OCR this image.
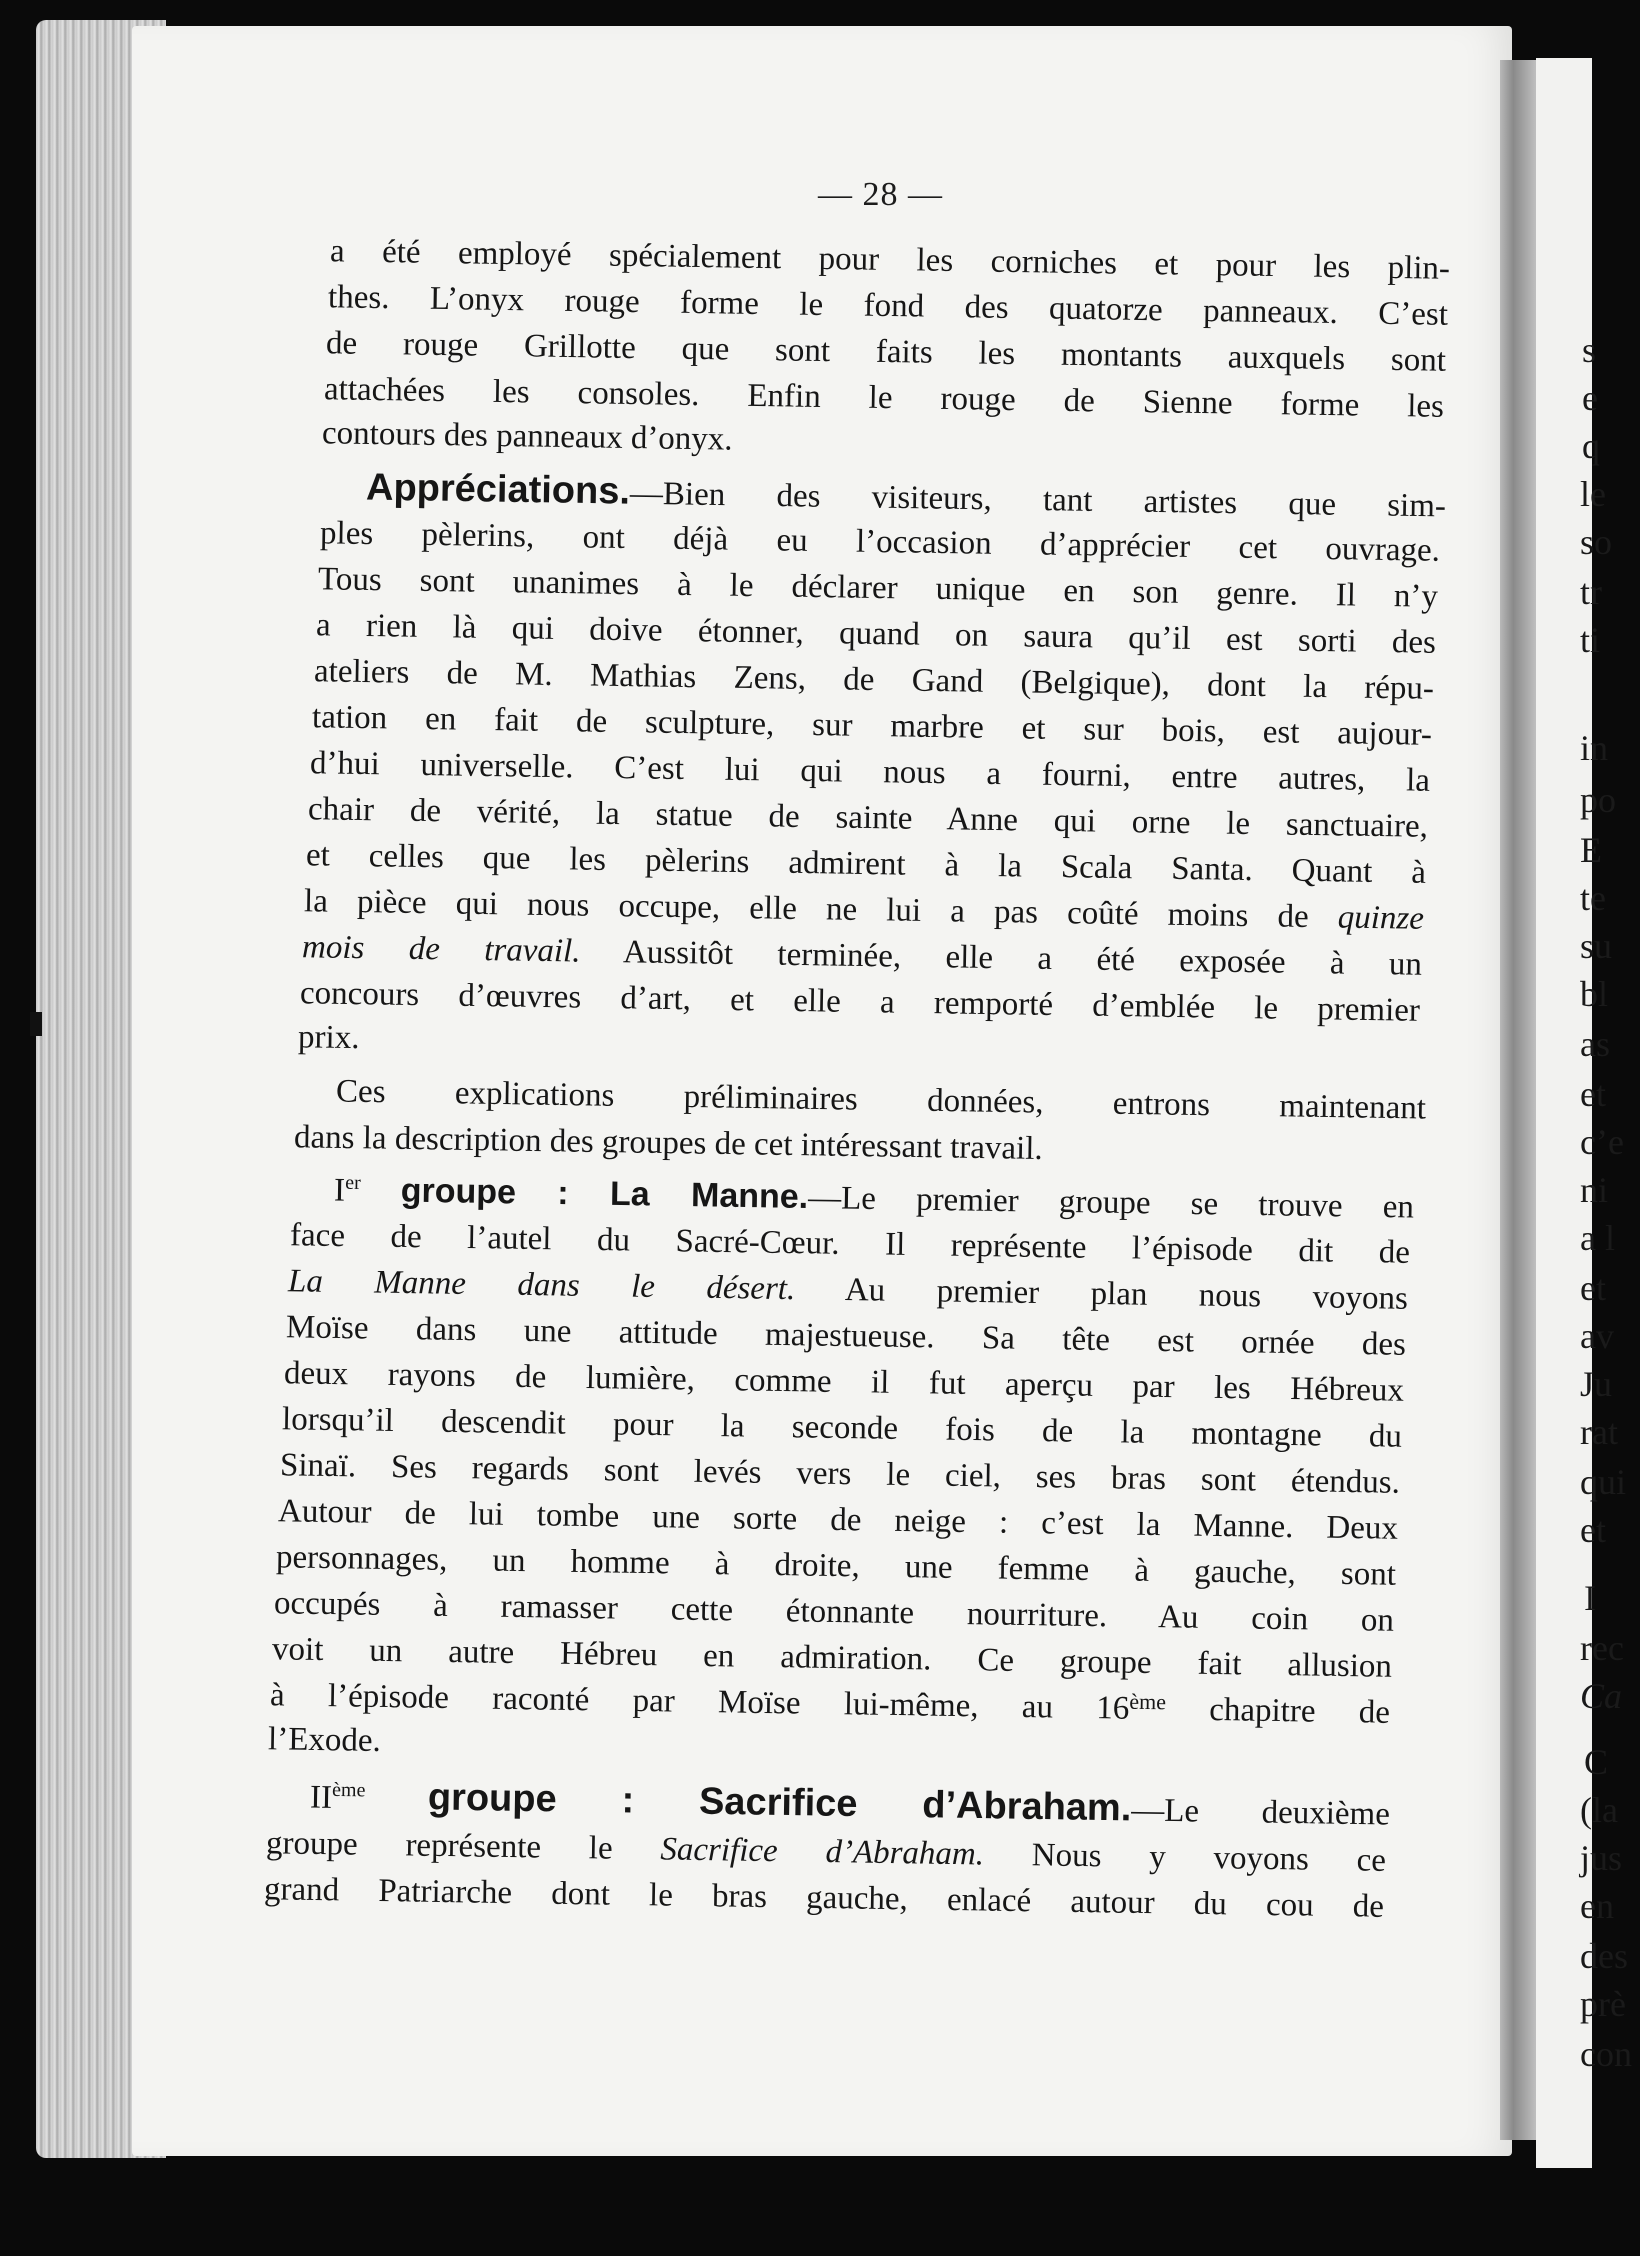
— 28 —
a été employé spécialement pour les corniches et pour les plin-
thes. L’onyx rouge forme le fond des quatorze panneaux. C’est
de rouge Grillotte que sont faits les montants auxquels sont
attachées les consoles. Enfin le rouge de Sienne forme les
contours des panneaux d’onyx.
Appréciations.—Bien des visiteurs, tant artistes que sim-
ples pèlerins, ont déjà eu l’occasion d’apprécier cet ouvrage.
Tous sont unanimes à le déclarer unique en son genre. Il n’y
a rien là qui doive étonner, quand on saura qu’il est sorti des
ateliers de M. Mathias Zens, de Gand (Belgique), dont la répu-
tation en fait de sculpture, sur marbre et sur bois, est aujour-
d’hui universelle. C’est lui qui nous a fourni, entre autres, la
chair de vérité, la statue de sainte Anne qui orne le sanctuaire,
et celles que les pèlerins admirent à la Scala Santa. Quant à
la pièce qui nous occupe, elle ne lui a pas coûté moins de quinze
mois de travail. Aussitôt terminée, elle a été exposée à un
concours d’œuvres d’art, et elle a remporté d’emblée le premier
prix.
Ces explications préliminaires données, entrons maintenant
dans la description des groupes de cet intéressant travail.
Ier groupe : La Manne.—Le premier groupe se trouve en
face de l’autel du Sacré-Cœur. Il représente l’épisode dit de
La Manne dans le désert. Au premier plan nous voyons
Moïse dans une attitude majestueuse. Sa tête est ornée des
deux rayons de lumière, comme il fut aperçu par les Hébreux
lorsqu’il descendit pour la seconde fois de la montagne du
Sinaï. Ses regards sont levés vers le ciel, ses bras sont étendus.
Autour de lui tombe une sorte de neige : c’est la Manne. Deux
personnages, un homme à droite, une femme à gauche, sont
occupés à ramasser cette étonnante nourriture. Au coin on
voit un autre Hébreu en admiration. Ce groupe fait allusion
à l’épisode raconté par Moïse lui-même, au 16ème chapitre de
l’Exode.
IIème groupe : Sacrifice d’Abraham.—Le deuxième
groupe représente le Sacrifice d’Abraham. Nous y voyons ce
grand Patriarche dont le bras gauche, enlacé autour du cou de
s
e
q
le
so
tr
ti
in
po
E
te
su
bl
as
et
c’e
ni
a l
et
av
Ju
rat
qui
et
I
rec
Ca
C
(la
jus
en
des
prè
con
